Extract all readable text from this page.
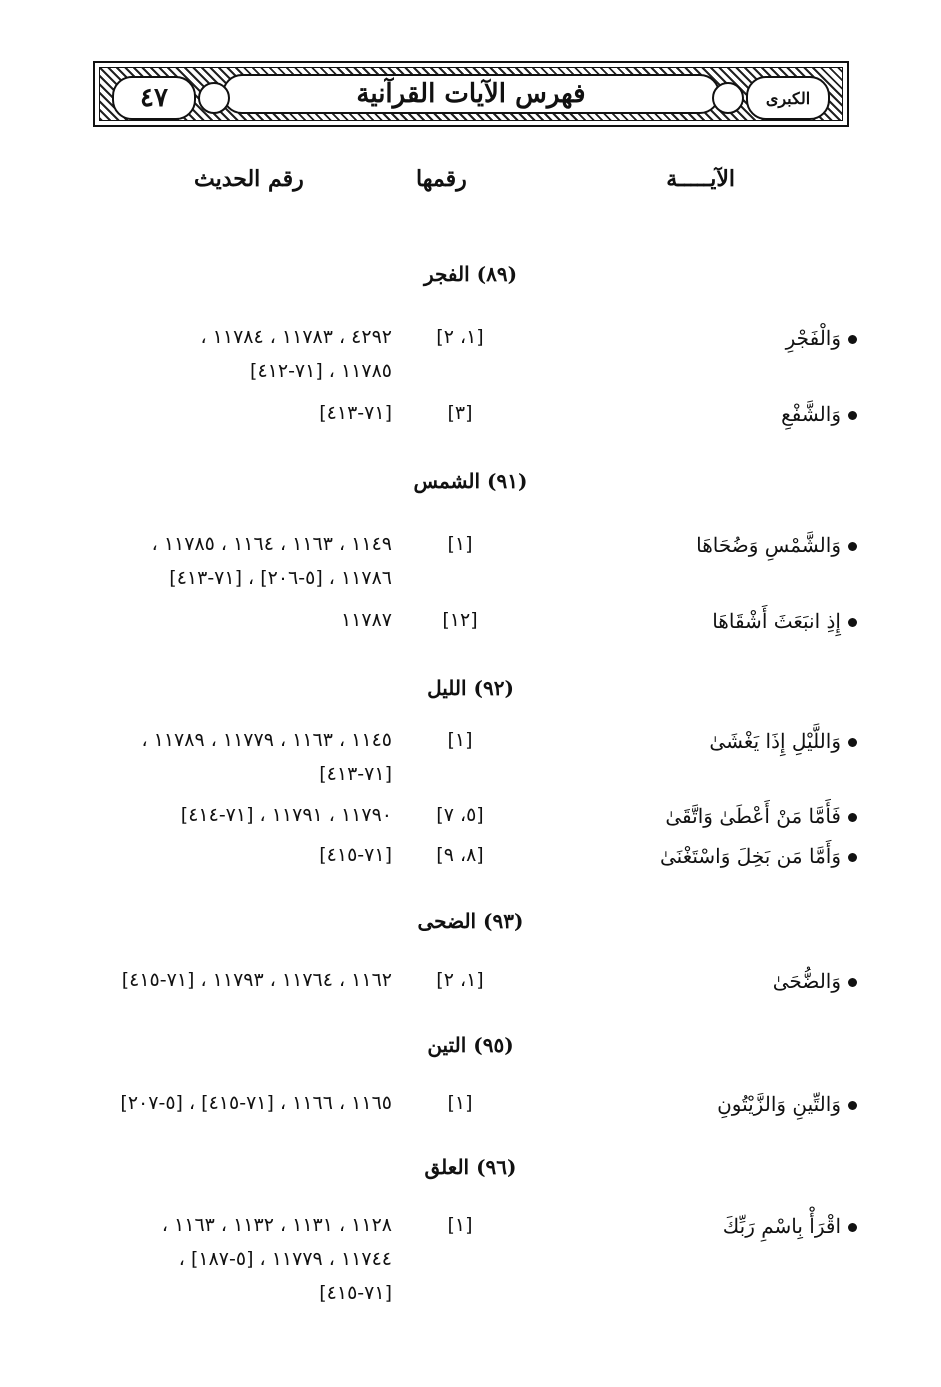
فهرس الآيات القرآنية
٤٧	الكبرى
الآيـــــة
رقمها
رقم الحديث
(٨٩) الفجر
وَالْفَجْرِ
[١، ٢]
٤٢٩٢ ، ١١٧٨٣ ، ١١٧٨٤ ،
١١٧٨٥ ، [٧١-٤١٢]
وَالشَّفْعِ
[٣]
[٧١-٤١٣]
(٩١) الشمس
وَالشَّمْسِ وَضُحَاهَا
[١]
١١٤٩ ، ١١٦٣ ، ١١٦٤ ، ١١٧٨٥ ،
١١٧٨٦ ، [٥-٢٠٦] ، [٧١-٤١٣]
إِذِ انبَعَثَ أَشْقَاهَا
[١٢]
١١٧٨٧
(٩٢) الليل
وَاللَّيْلِ إِذَا يَغْشَىٰ
[١]
١١٤٥ ، ١١٦٣ ، ١١٧٧٩ ، ١١٧٨٩ ،
[٧١-٤١٣]
فَأَمَّا مَنْ أَعْطَىٰ وَاتَّقَىٰ
[٥، ٧]
١١٧٩٠ ، ١١٧٩١ ، [٧١-٤١٤]
وَأَمَّا مَن بَخِلَ وَاسْتَغْنَىٰ
[٨، ٩]
[٧١-٤١٥]
(٩٣) الضحى
وَالضُّحَىٰ
[١، ٢]
١١٦٢ ، ١١٧٦٤ ، ١١٧٩٣ ، [٧١-٤١٥]
(٩٥) التين
وَالتِّينِ وَالزَّيْتُونِ
[١]
١١٦٥ ، ١١٦٦ ، [٧١-٤١٥] ، [٥-٢٠٧]
(٩٦) العلق
اقْرَأْ بِاسْمِ رَبِّكَ
[١]
١١٢٨ ، ١١٣١ ، ١١٣٢ ، ١١٦٣ ،
١١٧٤٤ ، ١١٧٧٩ ، [٥-١٨٧] ،
[٧١-٤١٥]
